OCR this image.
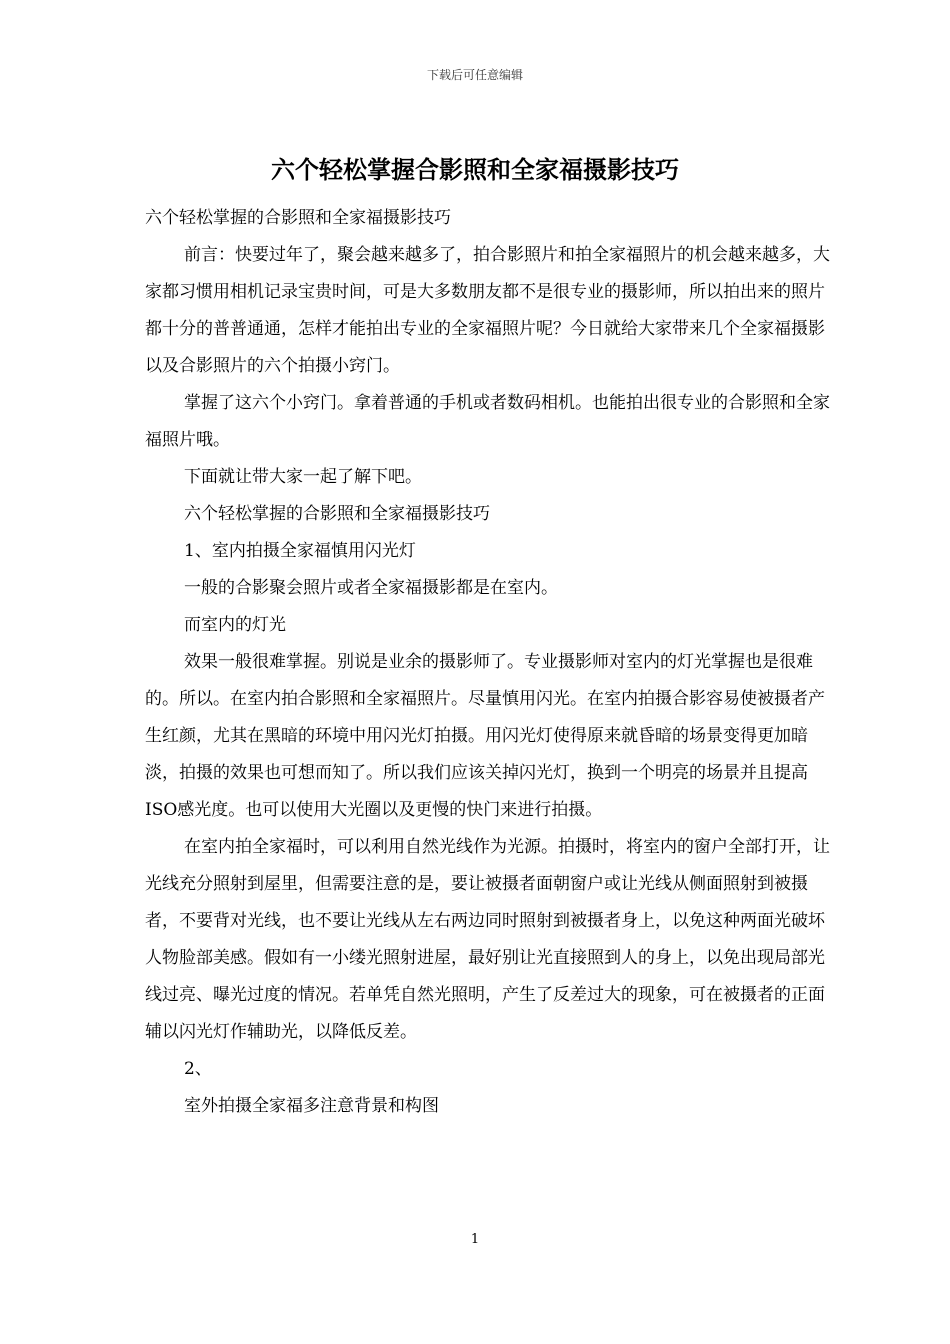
下载后可任意编辑
六个轻松掌握合影照和全家福摄影技巧

六个轻松掌握的合影照和全家福摄影技巧

前言：快要过年了，聚会越来越多了，拍合影照片和拍全家福照片的机会越来越多，大家都习惯用相机记录宝贵时间，可是大多数朋友都不是很专业的摄影师，所以拍出来的照片都十分的普普通通，怎样才能拍出专业的全家福照片呢？今日就给大家带来几个全家福摄影以及合影照片的六个拍摄小窍门。

掌握了这六个小窍门。拿着普通的手机或者数码相机。也能拍出很专业的合影照和全家福照片哦。

下面就让带大家一起了解下吧。

六个轻松掌握的合影照和全家福摄影技巧

1、室内拍摄全家福慎用闪光灯

一般的合影聚会照片或者全家福摄影都是在室内。

而室内的灯光

效果一般很难掌握。别说是业余的摄影师了。专业摄影师对室内的灯光掌握也是很难的。所以。在室内拍合影照和全家福照片。尽量慎用闪光。在室内拍摄合影容易使被摄者产生红颜，尤其在黑暗的环境中用闪光灯拍摄。用闪光灯使得原来就昏暗的场景变得更加暗淡，拍摄的效果也可想而知了。所以我们应该关掉闪光灯，换到一个明亮的场景并且提高ISO感光度。也可以使用大光圈以及更慢的快门来进行拍摄。

在室内拍全家福时，可以利用自然光线作为光源。拍摄时，将室内的窗户全部打开，让光线充分照射到屋里，但需要注意的是，要让被摄者面朝窗户或让光线从侧面照射到被摄者，不要背对光线，也不要让光线从左右两边同时照射到被摄者身上，以免这种两面光破坏人物脸部美感。假如有一小缕光照射进屋，最好别让光直接照到人的身上，以免出现局部光线过亮、曝光过度的情况。若单凭自然光照明，产生了反差过大的现象，可在被摄者的正面辅以闪光灯作辅助光，以降低反差。

2、

室外拍摄全家福多注意背景和构图

1
